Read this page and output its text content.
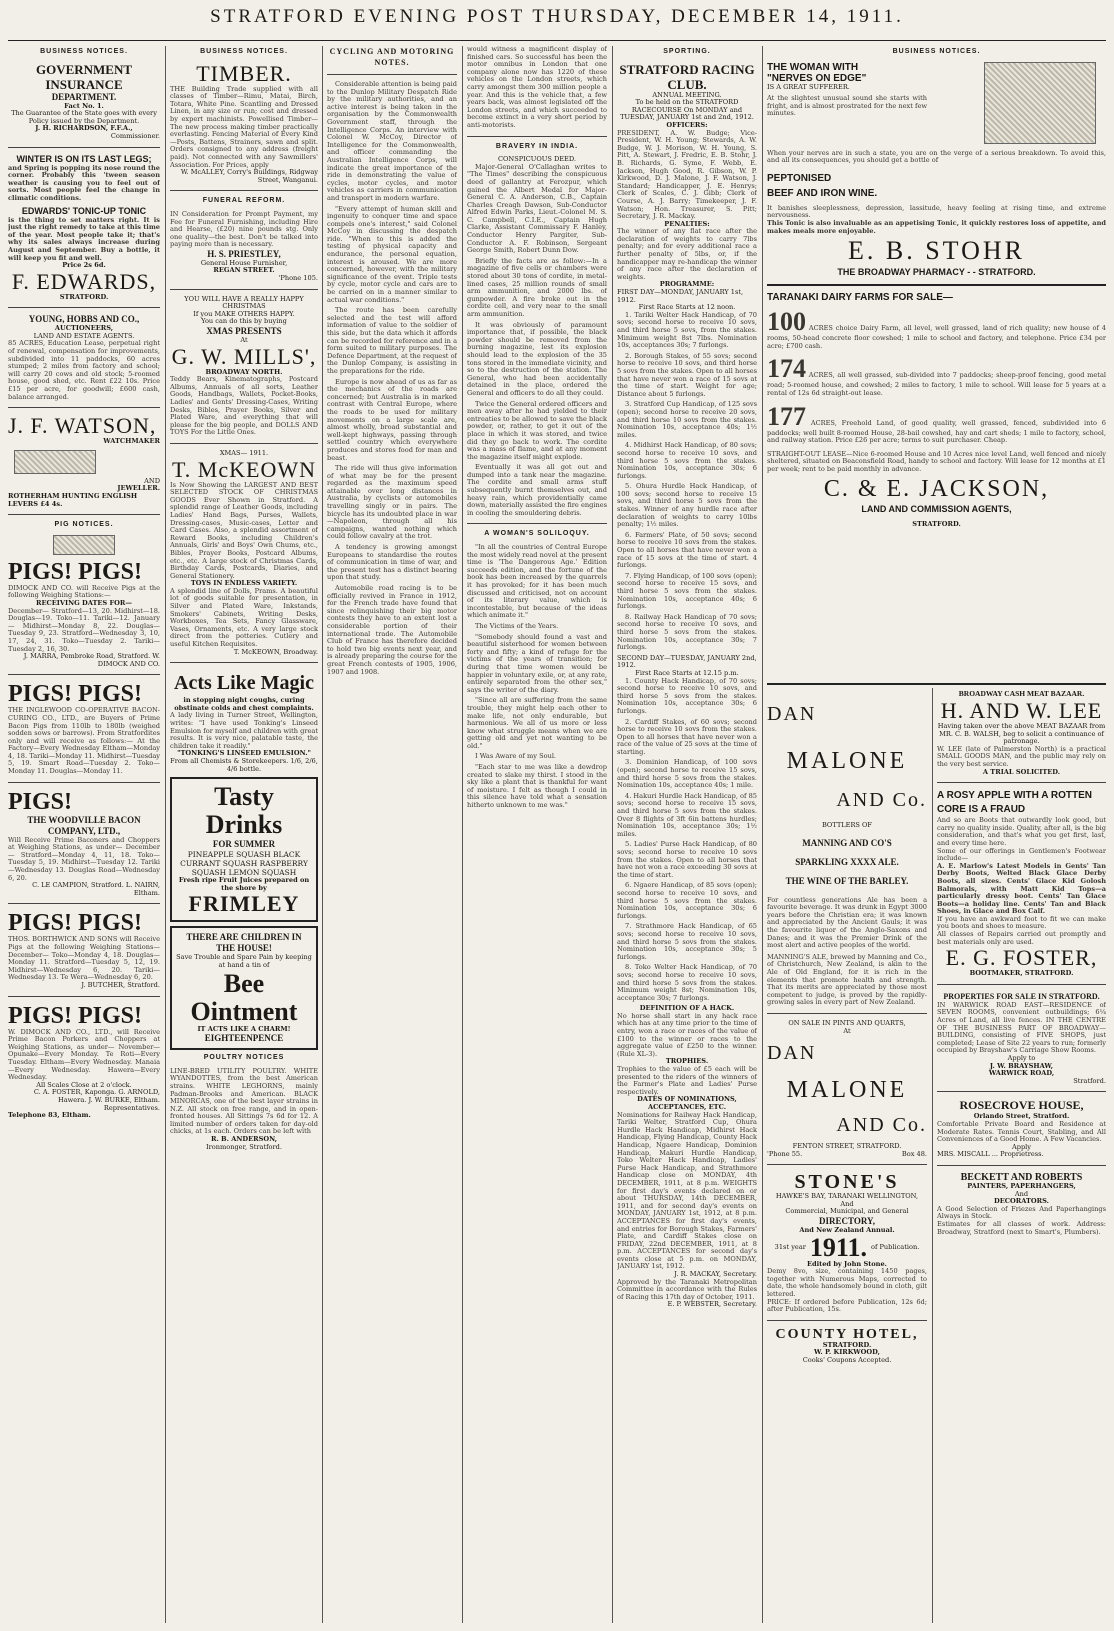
STRATFORD EVENING POST THURSDAY, DECEMBER 14, 1911.
BUSINESS NOTICES.
GOVERNMENT INSURANCE
DEPARTMENT.
Fact No. 1.
The Guarantee of the State goes with every Policy issued by the Department.
J. H. RICHARDSON, F.F.A.,
Commissioner.
WINTER IS ON ITS LAST LEGS;
and Spring is popping its nose round the corner. Probably this 'tween season weather is causing you to feel out of sorts. Most people feel the change in climatic conditions.
EDWARDS' TONIC-UP TONIC
is the thing to set matters right. It is just the right remedy to take at this time of the year. Most people take it; that's why its sales always increase during August and September. Buy a bottle, it will keep you fit and well.
Price 2s 6d.
F. EDWARDS,
STRATFORD.
YOUNG, HOBBS AND CO.,
AUCTIONEERS,
LAND AND ESTATE AGENTS.
85 ACRES, Education Lease, perpetual right of renewal, compensation for improvements, subdivided into 11 paddocks, 60 acres stumped; 2 miles from factory and school; will carry 20 cows and old stock; 5-roomed house, good shed, etc. Rent £22 10s. Price £15 per acre, for goodwill; £600 cash, balance arranged.
J. F. WATSON,
WATCHMAKER
AND
JEWELLER.
ROTHERHAM HUNTING ENGLISH LEVERS £4 4s.
PIG NOTICES.
PIGS! PIGS!
DIMOCK AND CO. will Receive Pigs at the following Weighing Stations:—
RECEIVING DATES FOR—
December— Stratford—13, 20. Midhirst—18. Douglas—19. Toko—11. Tariki—12. January— Midhirst—Monday 8, 22. Douglas—Tuesday 9, 23. Stratford—Wednesday 3, 10, 17, 24, 31. Toko—Tuesday 2. Tariki—Tuesday 2, 16, 30.
J. MARRA, Pembroke Road, Stratford. W. DIMOCK AND CO.
PIGS! PIGS!
THE INGLEWOOD CO-OPERATIVE BACON-CURING CO., LTD., are Buyers of Prime Bacon Pigs from 110lb to 180lb (weighed sodden sows or barrows). From Stratfordites only and will receive as follows:— At the Factory—Every Wednesday Eltham—Monday 4, 18. Tariki—Monday 11. Midhirst—Tuesday 5, 19. Smart Road—Tuesday 2. Toko—Monday 11. Douglas—Monday 11.
PIGS!
THE WOODVILLE BACON COMPANY, LTD.,
Will Receive Prime Baconers and Choppers at Weighing Stations, as under— December— Stratford—Monday 4, 11, 18. Toko—Tuesday 5, 19. Midhirst—Tuesday 12. Tariki—Wednesday 13. Douglas Road—Wednesday 6, 20.
C. LE CAMPION, Stratford. L. NAIRN, Eltham.
PIGS! PIGS!
THOS. BORTHWICK AND SONS will Receive Pigs at the following Weighing Stations— December— Toko—Monday 4, 18. Douglas—Monday 11. Stratford—Tuesday 5, 12, 19. Midhirst—Wednesday 6, 20. Tariki—Wednesday 13. Te Wera—Wednesday 6, 20.
J. BUTCHER, Stratford.
PIGS! PIGS!
W. DIMOCK AND CO., LTD., will Receive Prime Bacon Porkers and Choppers at Weighing Stations, as under— November— Opunake—Every Monday. Te Roti—Every Tuesday. Eltham—Every Wednesday. Manaia—Every Wednesday. Hawera—Every Wednesday.
All Scales Close at 2 o'clock.
C. A. FOSTER, Kaponga. G. ARNOLD, Hawera. J. W. BURKE, Eltham. Representatives.
Telephone 83, Eltham.
BUSINESS NOTICES.
TIMBER.
THE Building Trade supplied with all classes of Timber—Rimu, Matai, Birch, Totara, White Pine. Scantling and Dressed Linen, in any size or run; cost and dressed by expert machinists. Powellised Timber—The new process making timber practically everlasting. Fencing Material of Every Kind—Posts, Battens, Strainers, sawn and split. Orders consigned to any address (freight paid). Not connected with any Sawmillers' Association. For Prices, apply
W. McALLEY, Corry's Buildings, Ridgway Street, Wanganui.
FUNERAL REFORM.
IN Consideration for Prompt Payment, my Fee for Funeral Furnishing, including Hire and Hearse, (£20) nine pounds stg. Only one quality—the best. Don't be talked into paying more than is necessary.
H. S. PRIESTLEY,
General House Furnisher,
REGAN STREET.
'Phone 105.
YOU WILL HAVE A REALLY HAPPY CHRISTMAS
If you MAKE OTHERS HAPPY.
You can do this by buying
XMAS PRESENTS
At
G. W. MILLS',
BROADWAY NORTH.
Teddy Bears, Kinematographs, Postcard Albums, Annuals of all sorts, Leather Goods, Handbags, Wallets, Pocket-Books, Ladies' and Gents' Dressing-Cases, Writing Desks, Bibles, Prayer Books, Silver and Plated Ware, and everything that will please for the big people, and DOLLS AND TOYS For the Little Ones.
XMAS— 1911.
T. McKEOWN
Is Now Showing the LARGEST AND BEST SELECTED STOCK OF CHRISTMAS GOODS Ever Shown in Stratford. A splendid range of Leather Goods, including Ladies' Hand Bags, Purses, Wallets, Dressing-cases, Music-cases, Letter and Card Cases. Also, a splendid assortment of Reward Books, including Children's Annuals, Girls' and Boys' Own Chums, etc., Bibles, Prayer Books, Postcard Albums, etc., etc. A large stock of Christmas Cards, Birthday Cards, Postcards, Diaries, and General Stationery.
TOYS IN ENDLESS VARIETY.
A splendid line of Dolls, Prams. A beautiful lot of goods suitable for presentation, in Silver and Plated Ware, Inkstands, Smokers' Cabinets, Writing Desks, Workboxes, Tea Sets, Fancy Glassware, Vases, Ornaments, etc. A very large stock direct from the potteries. Cutlery and useful Kitchen Requisites.
T. McKEOWN, Broadway.
Acts Like Magic
in stopping night coughs, curing obstinate colds and chest complaints.
A lady living in Turner Street, Wellington, writes: "I have used Tonking's Linseed Emulsion for myself and children with great results. It is very nice, palatable taste, the children take it readily."
"TONKING'S LINSEED EMULSION."
From all Chemists & Storekeepers. 1/6, 2/6, 4/6 bottle.
Tasty Drinks
FOR SUMMER
PINEAPPLE SQUASH BLACK CURRANT SQUASH RASPBERRY SQUASH LEMON SQUASH
Fresh ripe Fruit Juices prepared on the shore by
FRIMLEY
THERE ARE CHILDREN IN THE HOUSE!
Save Trouble and Spare Pain by keeping at hand a tin of
Bee Ointment
IT ACTS LIKE A CHARM!
EIGHTEENPENCE
POULTRY NOTICES
LINE-BRED UTILITY POULTRY. WHITE WYANDOTTES, from the best American strains. WHITE LEGHORNS, mainly Padman-Brooks and American. BLACK MINORCAS, one of the best layer strains in N.Z. All stock on free range, and in open-fronted houses. All Sittings 7s 6d for 12. A limited number of orders taken for day-old chicks, at 1s each. Orders can be left with
R. B. ANDERSON,
Ironmonger, Stratford.
CYCLING AND MOTORING NOTES.

Considerable attention is being paid to the Dunlop Military Despatch Ride by the military authorities, and an active interest is being taken in the organisation by the Commonwealth Government staff, through the Intelligence Corps. An interview with Colonel W. McCoy, Director of Intelligence for the Commonwealth, and officer commanding the Australian Intelligence Corps, will indicate the great importance of the ride in demonstrating the value of cycles, motor cycles, and motor vehicles as carriers in communication and transport in modern warfare.

"Every attempt of human skill and ingenuity to conquer time and space compels one's interest," said Colonel McCoy in discussing the despatch ride. "When to this is added the testing of physical capacity and endurance, the personal equation, interest is aroused. We are more concerned, however, with the military significance of the event. Triple tests by cycle, motor cycle and cars are to be carried on in a manner similar to actual war conditions."

The route has been carefully selected and the test will afford information of value to the soldier of this side, but the data which it affords can be recorded for reference and in a form suited to military purposes. The Defence Department, at the request of the Dunlop Company, is assisting in the preparations for the ride.

Europe is now ahead of us as far as the mechanics of the roads are concerned; but Australia is in marked contrast with Central Europe, where the roads to be used for military movements on a large scale are, almost wholly, broad substantial and well-kept highways, passing through settled country which everywhere produces and stores food for man and beast.

The ride will thus give information of what may be for the present regarded as the maximum speed attainable over long distances in Australia, by cyclists or automobiles travelling singly or in pairs. The bicycle has its undoubted place in war—Napoleon, through all his campaigns, wanted nothing which could follow cavalry at the trot.

A tendency is growing amongst Europeans to standardise the routes of communication in time of war, and the present test has a distinct bearing upon that study.

Automobile road racing is to be officially revived in France in 1912, for the French trade have found that since relinquishing their big motor contests they have to an extent lost a considerable portion of their international trade. The Automobile Club of France has therefore decided to hold two big events next year, and is already preparing the course for the great French contests of 1905, 1906, 1907 and 1908.

would witness a magnificent display of finished cars. So successful has been the motor omnibus in London that one company alone now has 1220 of these vehicles on the London streets, which carry amongst them 300 million people a year. And this is the vehicle that, a few years back, was almost legislated off the London streets, and which succeeded to become extinct in a very short period by anti-motorists.
BRAVERY IN INDIA.
CONSPICUOUS DEED.

Major-General O'Callaghan writes to "The Times" describing the conspicuous deed of gallantry at Ferozpur, which gained the Albert Medal for Major-General C. A. Anderson, C.B., Captain Charles Creagh Dawson, Sub-Conductor Alfred Edwin Parks, Lieut.-Colonel M. S. C. Campbell, C.I.E., Captain Hugh Clarke, Assistant Commissary F. Hanley, Conductor Henry Pargiter, Sub-Conductor A. F. Robinson, Sergeant George Smith, Robert Dunn Dow.

Briefly the facts are as follow:—In a magazine of five cells or chambers were stored about 30 tons of cordite, in metal-lined cases, 25 million rounds of small arm ammunition, and 2000 lbs. of gunpowder. A fire broke out in the cordite cell, and very near to the small arm ammunition.

It was obviously of paramount importance that, if possible, the black powder should be removed from the burning magazine, lest its explosion should lead to the explosion of the 35 tons stored in the immediate vicinity, and so to the destruction of the station. The General, who had been accidentally detained in the place, ordered the General and officers to do all they could.

Twice the General ordered officers and men away after he had yielded to their entreaties to be allowed to save the black powder, or, rather, to get it out of the place in which it was stored, and twice did they go back to work. The cordite was a mass of flame, and at any moment the magazine itself might explode.

Eventually it was all got out and dumped into a tank near the magazine. The cordite and small arms stuff subsequently burnt themselves out, and heavy rain, which providentially came down, materially assisted the fire engines in cooling the smouldering debris.

A WOMAN'S SOLILOQUY.

"In all the countries of Central Europe the most widely read novel at the present time is 'The Dangerous Age.' Edition succeeds edition, and the fortune of the book has been increased by the quarrels it has provoked; for it has been much discussed and criticised, not on account of its literary value, which is incontestable, but because of the ideas which animate it."

The Victims of the Years.

"Somebody should found a vast and beautiful sisterhood for women between forty and fifty; a kind of refuge for the victims of the years of transition; for during that time women would be happier in voluntary exile, or, at any rate, entirely separated from the other sex," says the writer of the diary.

"Since all are suffering from the same trouble, they might help each other to make life, not only endurable, but harmonious. We all of us more or less know what struggle means when we are getting old and yet not wanting to be old."

I Was Aware of my Soul.

"Each star to me was like a dewdrop created to slake my thirst. I stood in the sky like a plant that is thankful for want of moisture. I felt as though I could in this silence have told what a sensation hitherto unknown to me was."

SPORTING.
STRATFORD RACING CLUB.
ANNUAL MEETING.
To be held on the STRATFORD RACECOURSE On MONDAY and TUESDAY, JANUARY 1st and 2nd, 1912.
OFFICERS:
PRESIDENT, A. W. Budge; Vice-President, W. H. Young; Stewards, A. W. Budge, W. J. Morison, W. H. Young, S. Pitt, A. Stewart, J. Fredric, E. B. Stohr, J. B. Richards, G. Syme, F. Webb, E. Jackson, Hugh Good, R. Gibson, W. P. Kirkwood, D. J. Malone, J. F. Watson, J. Standard; Handicapper, J. E. Henrys; Clerk of Scales, C. J. Gibb; Clerk of Course, A. J. Barry; Timekeeper, J. F. Watson; Hon. Treasurer, S. Pitt; Secretary, J. R. Mackay.
PENALTIES:
The winner of any flat race after the declaration of weights to carry 7lbs penalty; and for every additional race a further penalty of 5lbs, or, if the handicapper may re-handicap the winner of any race after the declaration of weights.
PROGRAMME:
FIRST DAY—MONDAY, JANUARY 1st, 1912.
First Race Starts at 12 noon.

1. Tariki Welter Hack Handicap, of 70 sovs; second horse to receive 10 sovs, and third horse 5 sovs, from the stakes. Minimum weight 8st 7lbs. Nomination 10s, acceptances 30s; 7 furlongs.

2. Borough Stakes, of 55 sovs; second horse to receive 10 sovs, and third horse 5 sovs from the stakes. Open to all horses that have never won a race of 15 sovs at the time of start. Weight for age; Distance about 5 furlongs.

3. Stratford Cup Handicap, of 125 sovs (open); second horse to receive 20 sovs, and third horse 10 sovs from the stakes. Nomination 10s, acceptance 40s; 1½ miles.

4. Midhirst Hack Handicap, of 80 sovs; second horse to receive 10 sovs, and third horse 5 sovs from the stakes. Nomination 10s, acceptance 30s; 6 furlongs.

5. Ohura Hurdle Hack Handicap, of 100 sovs; second horse to receive 15 sovs, and third horse 5 sovs from the stakes. Winner of any hurdle race after declaration of weights to carry 10lbs penalty; 1½ miles.

6. Farmers' Plate, of 50 sovs; second horse to receive 10 sovs from the stakes. Open to all horses that have never won a race of 15 sovs at the time of start. 4 furlongs.

7. Flying Handicap, of 100 sovs (open); second horse to receive 15 sovs, and third horse 5 sovs from the stakes. Nomination 10s, acceptance 40s; 6 furlongs.

8. Railway Hack Handicap of 70 sovs; second horse to receive 10 sovs, and third horse 5 sovs from the stakes. Nomination 10s, acceptance 30s; 7 furlongs.

SECOND DAY—TUESDAY, JANUARY 2nd, 1912.
First Race Starts at 12.15 p.m.

1. County Hack Handicap, of 70 sovs; second horse to receive 10 sovs, and third horse 5 sovs from the stakes. Nomination 10s, acceptance 30s; 6 furlongs.

2. Cardiff Stakes, of 60 sovs; second horse to receive 10 sovs from the stakes. Open to all horses that have never won a race of the value of 25 sovs at the time of starting.

3. Dominion Handicap, of 100 sovs (open); second horse to receive 15 sovs, and third horse 5 sovs from the stakes. Nomination 10s, acceptance 40s; 1 mile.

4. Hakuri Hurdle Hack Handicap, of 85 sovs; second horse to receive 15 sovs, and third horse 5 sovs from the stakes. Over 8 flights of 3ft 6in battens hurdles; Nomination 10s, acceptance 30s; 1½ miles.

5. Ladies' Purse Hack Handicap, of 80 sovs; second horse to receive 10 sovs from the stakes. Open to all horses that have not won a race exceeding 30 sovs at the time of start.

6. Ngaere Handicap, of 85 sovs (open); second horse to receive 10 sovs, and third horse 5 sovs from the stakes. Nomination 10s, acceptance 30s; 6 furlongs.

7. Strathmore Hack Handicap, of 65 sovs; second horse to receive 10 sovs, and third horse 5 sovs from the stakes. Nomination 10s, acceptance 30s; 5 furlongs.

8. Toko Welter Hack Handicap, of 70 sovs; second horse to receive 10 sovs, and third horse 5 sovs from the stakes. Minimum weight 8st; Nomination 10s, acceptance 30s; 7 furlongs.

DEFINITION OF A HACK.
No horse shall start in any hack race which has at any time prior to the time of entry, won a race or races of the value of £100 to the winner or races to the aggregate value of £250 to the winner. (Rule XL-3).
TROPHIES.
Trophies to the value of £5 each will be presented to the riders of the winners of the Farmer's Plate and Ladies' Purse respectively.
DATES OF NOMINATIONS, ACCEPTANCES, ETC.
Nominations for Railway Hack Handicap, Tariki Welter, Stratford Cup, Ohura Hurdle Hack Handicap, Midhirst Hack Handicap, Flying Handicap, County Hack Handicap, Ngaere Handicap, Dominion Handicap, Makuri Hurdle Handicap, Toko Welter Hack Handicap, Ladies' Purse Hack Handicap, and Strathmore Handicap close on MONDAY, 4th DECEMBER, 1911, at 8 p.m. WEIGHTS for first day's events declared on or about THURSDAY, 14th DECEMBER, 1911, and for second day's events on MONDAY, JANUARY 1st, 1912, at 8 p.m. ACCEPTANCES for first day's events, and entries for Borough Stakes, Farmers' Plate, and Cardiff Stakes close on FRIDAY, 22nd DECEMBER, 1911, at 8 p.m. ACCEPTANCES for second day's events close at 5 p.m. on MONDAY, JANUARY 1st, 1912.
J. R. MACKAY, Secretary.
Approved by the Taranaki Metropolitan Committee in accordance with the Rules of Racing this 17th day of October, 1911.
E. P. WEBSTER, Secretary.
BUSINESS NOTICES.
THE WOMAN WITH
"NERVES ON EDGE"
IS A GREAT SUFFERER.
At the slightest unusual sound she starts with fright, and is almost prostrated for the next few minutes.
When your nerves are in such a state, you are on the verge of a serious breakdown. To avoid this, and all its consequences, you should get a bottle of
PEPTONISED
BEEF AND IRON WINE.
It banishes sleeplessness, depression, lassitude, heavy feeling at rising time, and extreme nervousness.
This Tonic is also invaluable as an appetising Tonic, it quickly restores loss of appetite, and makes meals more enjoyable.
E. B. STOHR
THE BROADWAY PHARMACY - - STRATFORD.
TARANAKI DAIRY FARMS FOR SALE—
100 ACRES choice Dairy Farm, all level, well grassed, land of rich quality; new house of 4 rooms, 50-head concrete floor cowshed; 1 mile to school and factory, and telephone. Price £34 per acre; £700 cash.
174 ACRES, all well grassed, sub-divided into 7 paddocks; sheep-proof fencing, good metal road; 5-roomed house, and cowshed; 2 miles to factory, 1 mile to school. Will lease for 5 years at a rental of 12s 6d straight-out lease.
177 ACRES, Freehold Land, of good quality, well grassed, fenced, subdivided into 6 paddocks; well built 8-roomed House, 28-bail cowshed, hay and cart sheds; 1 mile to factory, school, and railway station. Price £26 per acre; terms to suit purchaser. Cheap.
STRAIGHT-OUT LEASE—Nice 6-roomed House and 10 Acres nice level Land, well fenced and nicely sheltered, situated on Beaconsfield Road, handy to school and factory. Will lease for 12 months at £1 per week; rent to be paid monthly in advance.
C. & E. JACKSON,
LAND AND COMMISSION AGENTS,
STRATFORD.
DAN
MALONE
AND Co.
BOTTLERS OF
MANNING AND CO'S
SPARKLING XXXX ALE.
THE WINE OF THE BARLEY.
For countless generations Ale has been a favourite beverage. It was drunk in Egypt 3000 years before the Christian era; it was known and appreciated by the Ancient Gauls; it was the favourite liquor of the Anglo-Saxons and Danes; and it was the Premier Drink of the most alert and active peoples of the world.
MANNING'S ALE, brewed by Manning and Co., of Christchurch, New Zealand, is akin to the Ale of Old England, for it is rich in the elements that promote health and strength. That its merits are appreciated by those most competent to judge, is proved by the rapidly-growing sales in every part of New Zealand.
ON SALE IN PINTS AND QUARTS,
At
DAN
MALONE
AND Co.
FENTON STREET, STRATFORD.
'Phone 55.	Box 48.
STONE'S
HAWKE'S BAY, TARANAKI WELLINGTON,
And
Commercial, Municipal, and General
DIRECTORY,
And New Zealand Annual.
31st year 1911. of Publication.
Edited by John Stone.
Demy 8vo, size, containing 1450 pages, together with Numerous Maps, corrected to date, the whole handsomely bound in cloth, gilt lettered.
PRICE: If ordered before Publication, 12s 6d; after Publication, 15s.
COUNTY HOTEL,
STRATFORD.
W. P. KIRKWOOD,
Cooks' Coupons Accepted.
BROADWAY CASH MEAT BAZAAR.
H. AND W. LEE
Having taken over the above MEAT BAZAAR from MR. C. B. WALSH, beg to solicit a continuance of patronage.
W. LEE (late of Palmerston North) is a practical SMALL GOODS MAN, and the public may rely on the very best service.
A TRIAL SOLICITED.
A ROSY APPLE WITH A ROTTEN CORE IS A FRAUD
And so are Boots that outwardly look good, but carry no quality inside. Quality, after all, is the big consideration, and that's what you get first, last, and every time here.
Some of our offerings in Gentlemen's Footwear include—
A. E. Marlow's Latest Models in Gents' Tan Derby Boots, Welted Black Glace Derby Boots, all sizes. Cents' Glace Kid Golosh Balmorals, with Matt Kid Tops—a particularly dressy boot. Cents' Tan Glace Boots—a holiday line. Cents' Tan and Black Shoes, in Glace and Box Calf.
If you have an awkward foot to fit we can make you boots and shoes to measure.
All classes of Repairs carried out promptly and best materials only are used.
E. G. FOSTER,
BOOTMAKER, STRATFORD.
PROPERTIES FOR SALE IN STRATFORD.
IN WARWICK ROAD EAST—RESIDENCE of SEVEN ROOMS, convenient outbuildings; 6¼ Acres of Land, all live fences. IN THE CENTRE OF THE BUSINESS PART OF BROADWAY—BUILDING, consisting of FIVE SHOPS, just completed; Lease of Site 22 years to run; formerly occupied by Brayshaw's Carriage Show Rooms.
Apply to
J. W. BRAYSHAW,
WARWICK ROAD,
Stratford.
ROSECROVE HOUSE,
Orlando Street, Stratford.
Comfortable Private Board and Residence at Moderate Rates. Tennis Court, Stabling, and All Conveniences of a Good Home. A Few Vacancies.
Apply
MRS. MISCALL ... Proprietress.
BECKETT AND ROBERTS
PAINTERS, PAPERHANGERS,
And
DECORATORS.
A Good Selection of Friezes And Paperhangings Always in Stock.
Estimates for all classes of work. Address: Broadway, Stratford (next to Smart's, Plumbers).
